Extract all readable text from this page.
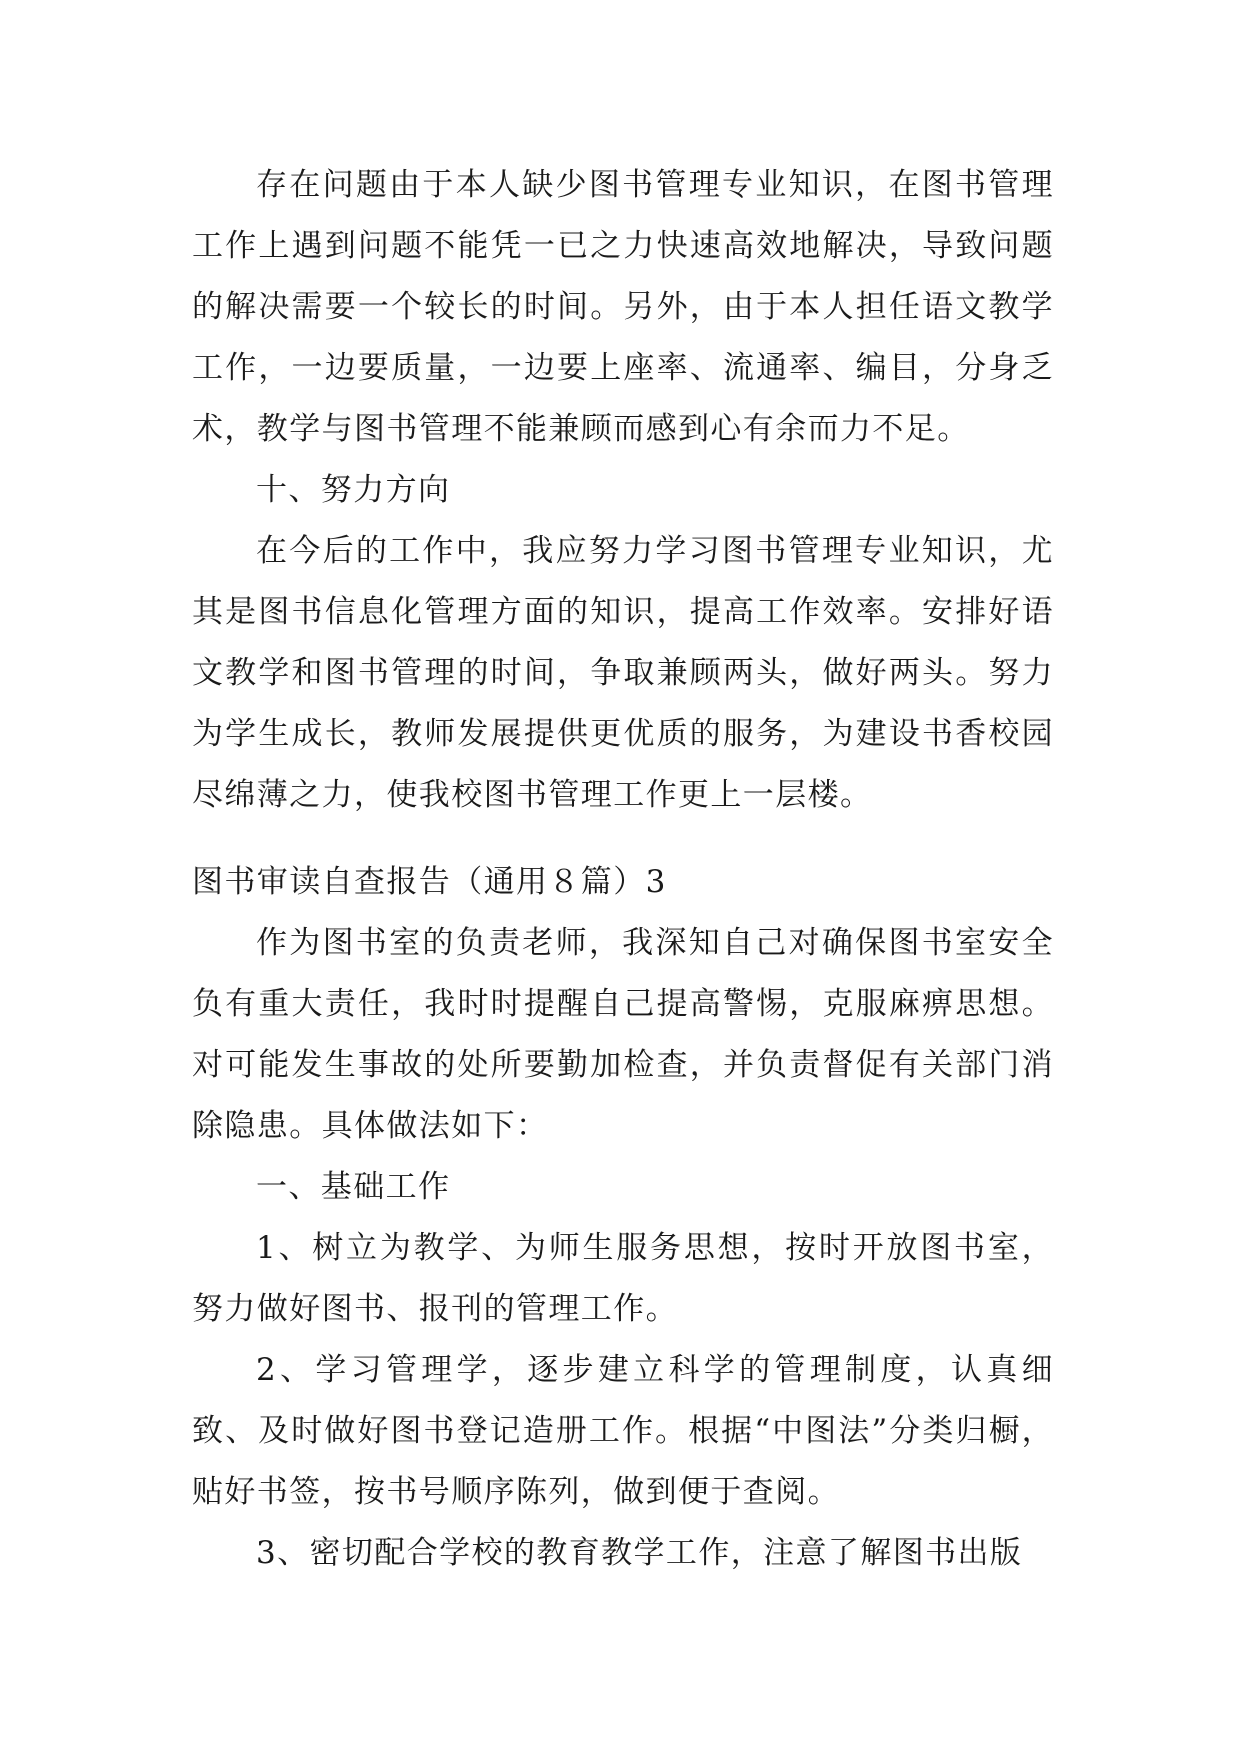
存在问题由于本人缺少图书管理专业知识，在图书管理工作上遇到问题不能凭一已之力快速高效地解决，导致问题的解决需要一个较长的时间。另外，由于本人担任语文教学工作，一边要质量，一边要上座率、流通率、编目，分身乏术，教学与图书管理不能兼顾而感到心有余而力不足。

十、努力方向

在今后的工作中，我应努力学习图书管理专业知识，尤其是图书信息化管理方面的知识，提高工作效率。安排好语文教学和图书管理的时间，争取兼顾两头，做好两头。努力为学生成长，教师发展提供更优质的服务，为建设书香校园尽绵薄之力，使我校图书管理工作更上一层楼。

图书审读自查报告（通用８篇）3

作为图书室的负责老师，我深知自己对确保图书室安全负有重大责任，我时时提醒自己提高警惕，克服麻痹思想。对可能发生事故的处所要勤加检查，并负责督促有关部门消除隐患。具体做法如下：

一、基础工作

1、树立为教学、为师生服务思想，按时开放图书室，努力做好图书、报刊的管理工作。

2、学习管理学，逐步建立科学的管理制度，认真细致、及时做好图书登记造册工作。根据“中图法”分类归橱，贴好书签，按书号顺序陈列，做到便于查阅。

3、密切配合学校的教育教学工作，注意了解图书出版
